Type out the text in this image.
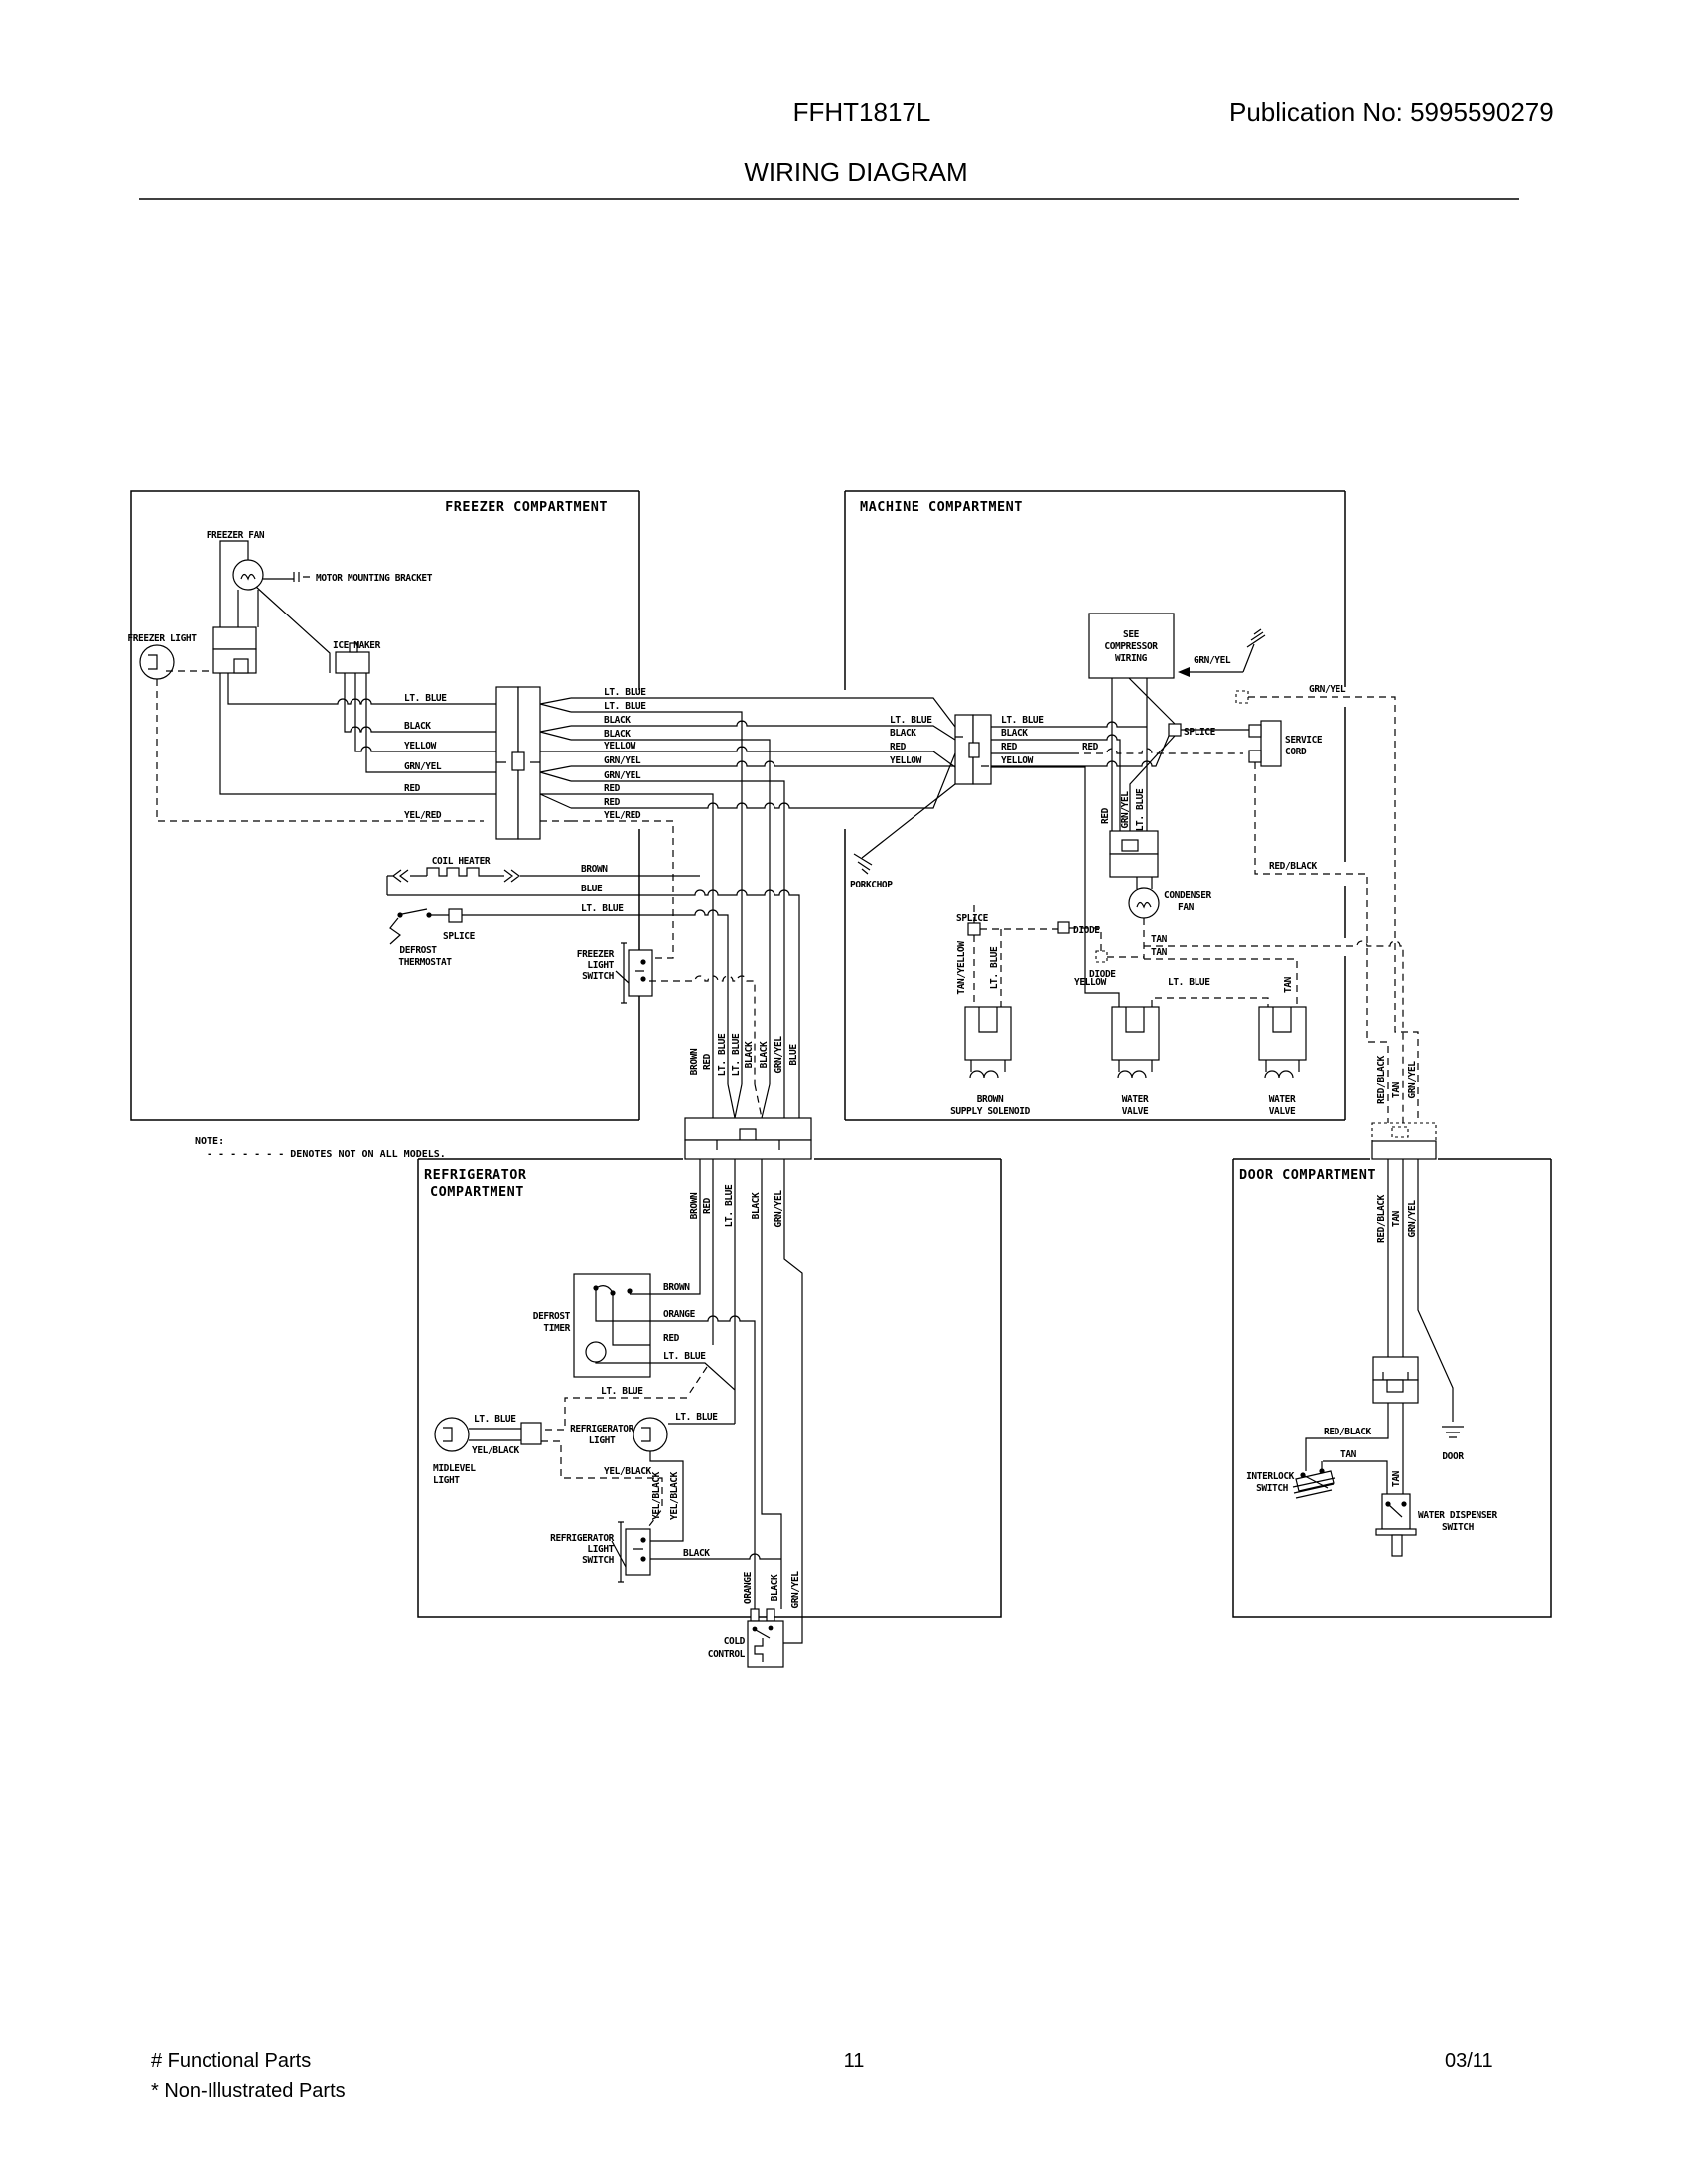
FFHT1817L	Publication No: 5995590279
WIRING DIAGRAM
FREEZER COMPARTMENT	MACHINE COMPARTMENT
REFRIGERATOR
COMPARTMENT
DOOR COMPARTMENT
NOTE:
- - - - - - - DENOTES NOT ON ALL MODELS.
FREEZER FAN
MOTOR MOUNTING BRACKET
FREEZER LIGHT
ICE MAKER
LT. BLUE
BLACK
YELLOW
GRN/YEL
RED
YEL/RED
LT. BLUE
LT. BLUE
BLACK
BLACK
YELLOW
GRN/YEL
GRN/YEL
RED
RED
YEL/RED
COIL HEATER
BROWN
BLUE
LT. BLUE
SPLICE
DEFROST
THERMOSTAT
FREEZER
LIGHT
SWITCH
PORKCHOP
BROWN RED LT. BLUE LT. BLUE BLACK BLACK GRN/YEL BLUE
BROWN RED LT. BLUE BLACK GRN/YEL
LT. BLUE
BLACK
RED
YELLOW
LT. BLUE
BLACK
RED
YELLOW
RED
SEE
COMPRESSOR
WIRING	GRN/YEL
SPLICE
SERVICE
CORD
GRN/YEL
RED/BLACK
RED GRN/YEL LT. BLUE
CONDENSER
FAN
SPLICE
DIODE
DIODE
TAN
TAN
TAN/YELLOW LT. BLUE	TAN
YELLOW	LT. BLUE
BROWN
SUPPLY SOLENOID
WATER
VALVE
WATER
VALVE
RED/BLACK TAN GRN/YEL
DEFROST
TIMER
BROWN
ORANGE
RED
LT. BLUE
LT. BLUE
LT. BLUE
YEL/BLACK
MIDLEVEL
LIGHT
YEL/BLACK
REFRIGERATOR
LIGHT
LT. BLUE
YEL/BLACK YEL/BLACK
REFRIGERATOR
LIGHT
SWITCH
BLACK
ORANGE BLACK GRN/YEL
COLD
CONTROL
RED/BLACK TAN GRN/YEL
DOOR
RED/BLACK
TAN
TAN
INTERLOCK
SWITCH
WATER DISPENSER
SWITCH
# Functional Parts
* Non-Illustrated Parts
11	03/11
